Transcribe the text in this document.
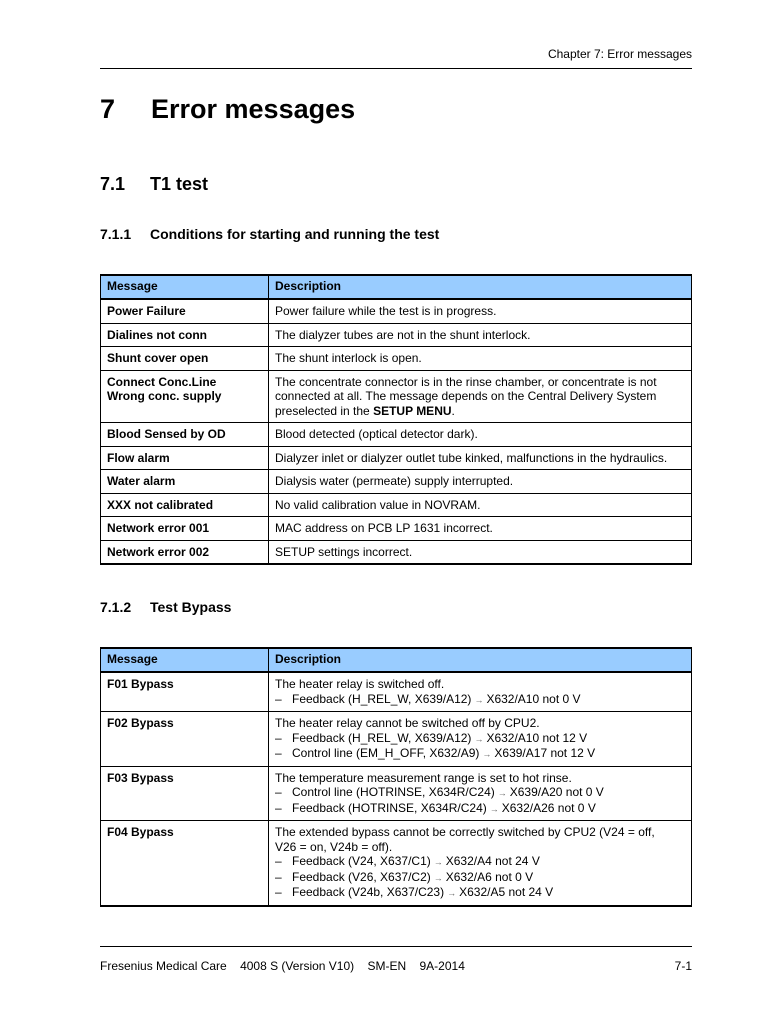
Chapter 7: Error messages
7 Error messages
7.1 T1 test
7.1.1 Conditions for starting and running the test
Message	Description

Power Failure	Power failure while the test is in progress.

Dialines not conn	The dialyzer tubes are not in the shunt interlock.

Shunt cover open	The shunt interlock is open.

Connect Conc.Line
Wrong conc. supply	The concentrate connector is in the rinse chamber, or concentrate is not
connected at all. The message depends on the Central Delivery System
preselected in the SETUP MENU.

Blood Sensed by OD	Blood detected (optical detector dark).

Flow alarm	Dialyzer inlet or dialyzer outlet tube kinked, malfunctions in the hydraulics.

Water alarm	Dialysis water (permeate) supply interrupted.

XXX not calibrated	No valid calibration value in NOVRAM.

Network error 001	MAC address on PCB LP 1631 incorrect.

Network error 002	SETUP settings incorrect.
7.1.2 Test Bypass
Message	Description
F01 Bypass	The heater relay is switched off.
– Feedback (H_REL_W, X639/A12) → X632/A10 not 0 V

F02 Bypass	The heater relay cannot be switched off by CPU2.
– Feedback (H_REL_W, X639/A12) → X632/A10 not 12 V
– Control line (EM_H_OFF, X632/A9) → X639/A17 not 12 V

F03 Bypass	The temperature measurement range is set to hot rinse.
– Control line (HOTRINSE, X634R/C24) → X639/A20 not 0 V
– Feedback (HOTRINSE, X634R/C24) → X632/A26 not 0 V

F04 Bypass	The extended bypass cannot be correctly switched by CPU2 (V24 = off,
V26 = on, V24b = off).
– Feedback (V24, X637/C1) → X632/A4 not 24 V
– Feedback (V26, X637/C2) → X632/A6 not 0 V
– Feedback (V24b, X637/C23) → X632/A5 not 24 V
Fresenius Medical Care 4008 S (Version V10) SM-EN 9A-2014	7-1
